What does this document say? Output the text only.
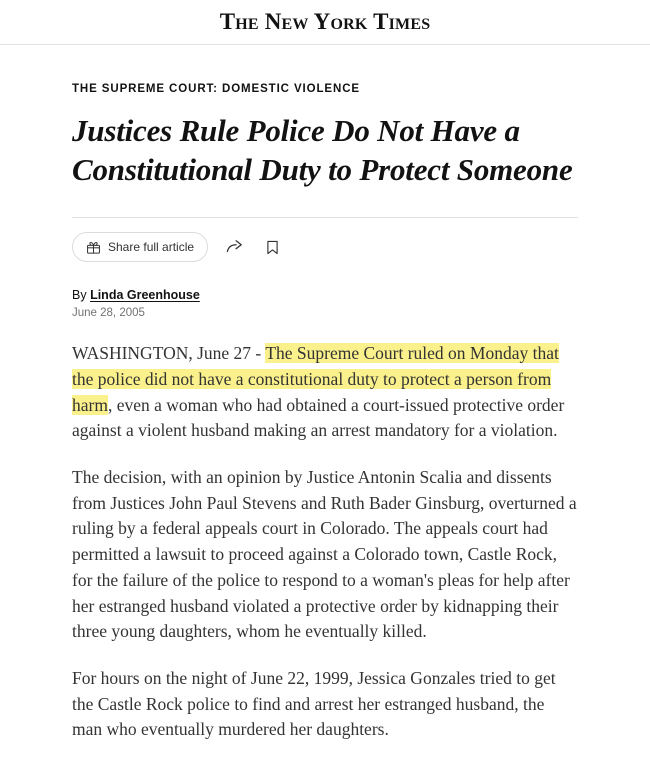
The New York Times
THE SUPREME COURT: DOMESTIC VIOLENCE
Justices Rule Police Do Not Have a Constitutional Duty to Protect Someone
Share full article
By Linda Greenhouse
June 28, 2005

WASHINGTON, June 27 - The Supreme Court ruled on Monday that the police did not have a constitutional duty to protect a person from harm, even a woman who had obtained a court-issued protective order against a violent husband making an arrest mandatory for a violation.

The decision, with an opinion by Justice Antonin Scalia and dissents from Justices John Paul Stevens and Ruth Bader Ginsburg, overturned a ruling by a federal appeals court in Colorado. The appeals court had permitted a lawsuit to proceed against a Colorado town, Castle Rock, for the failure of the police to respond to a woman's pleas for help after her estranged husband violated a protective order by kidnapping their three young daughters, whom he eventually killed.

For hours on the night of June 22, 1999, Jessica Gonzales tried to get the Castle Rock police to find and arrest her estranged husband, the man who eventually murdered her daughters.
